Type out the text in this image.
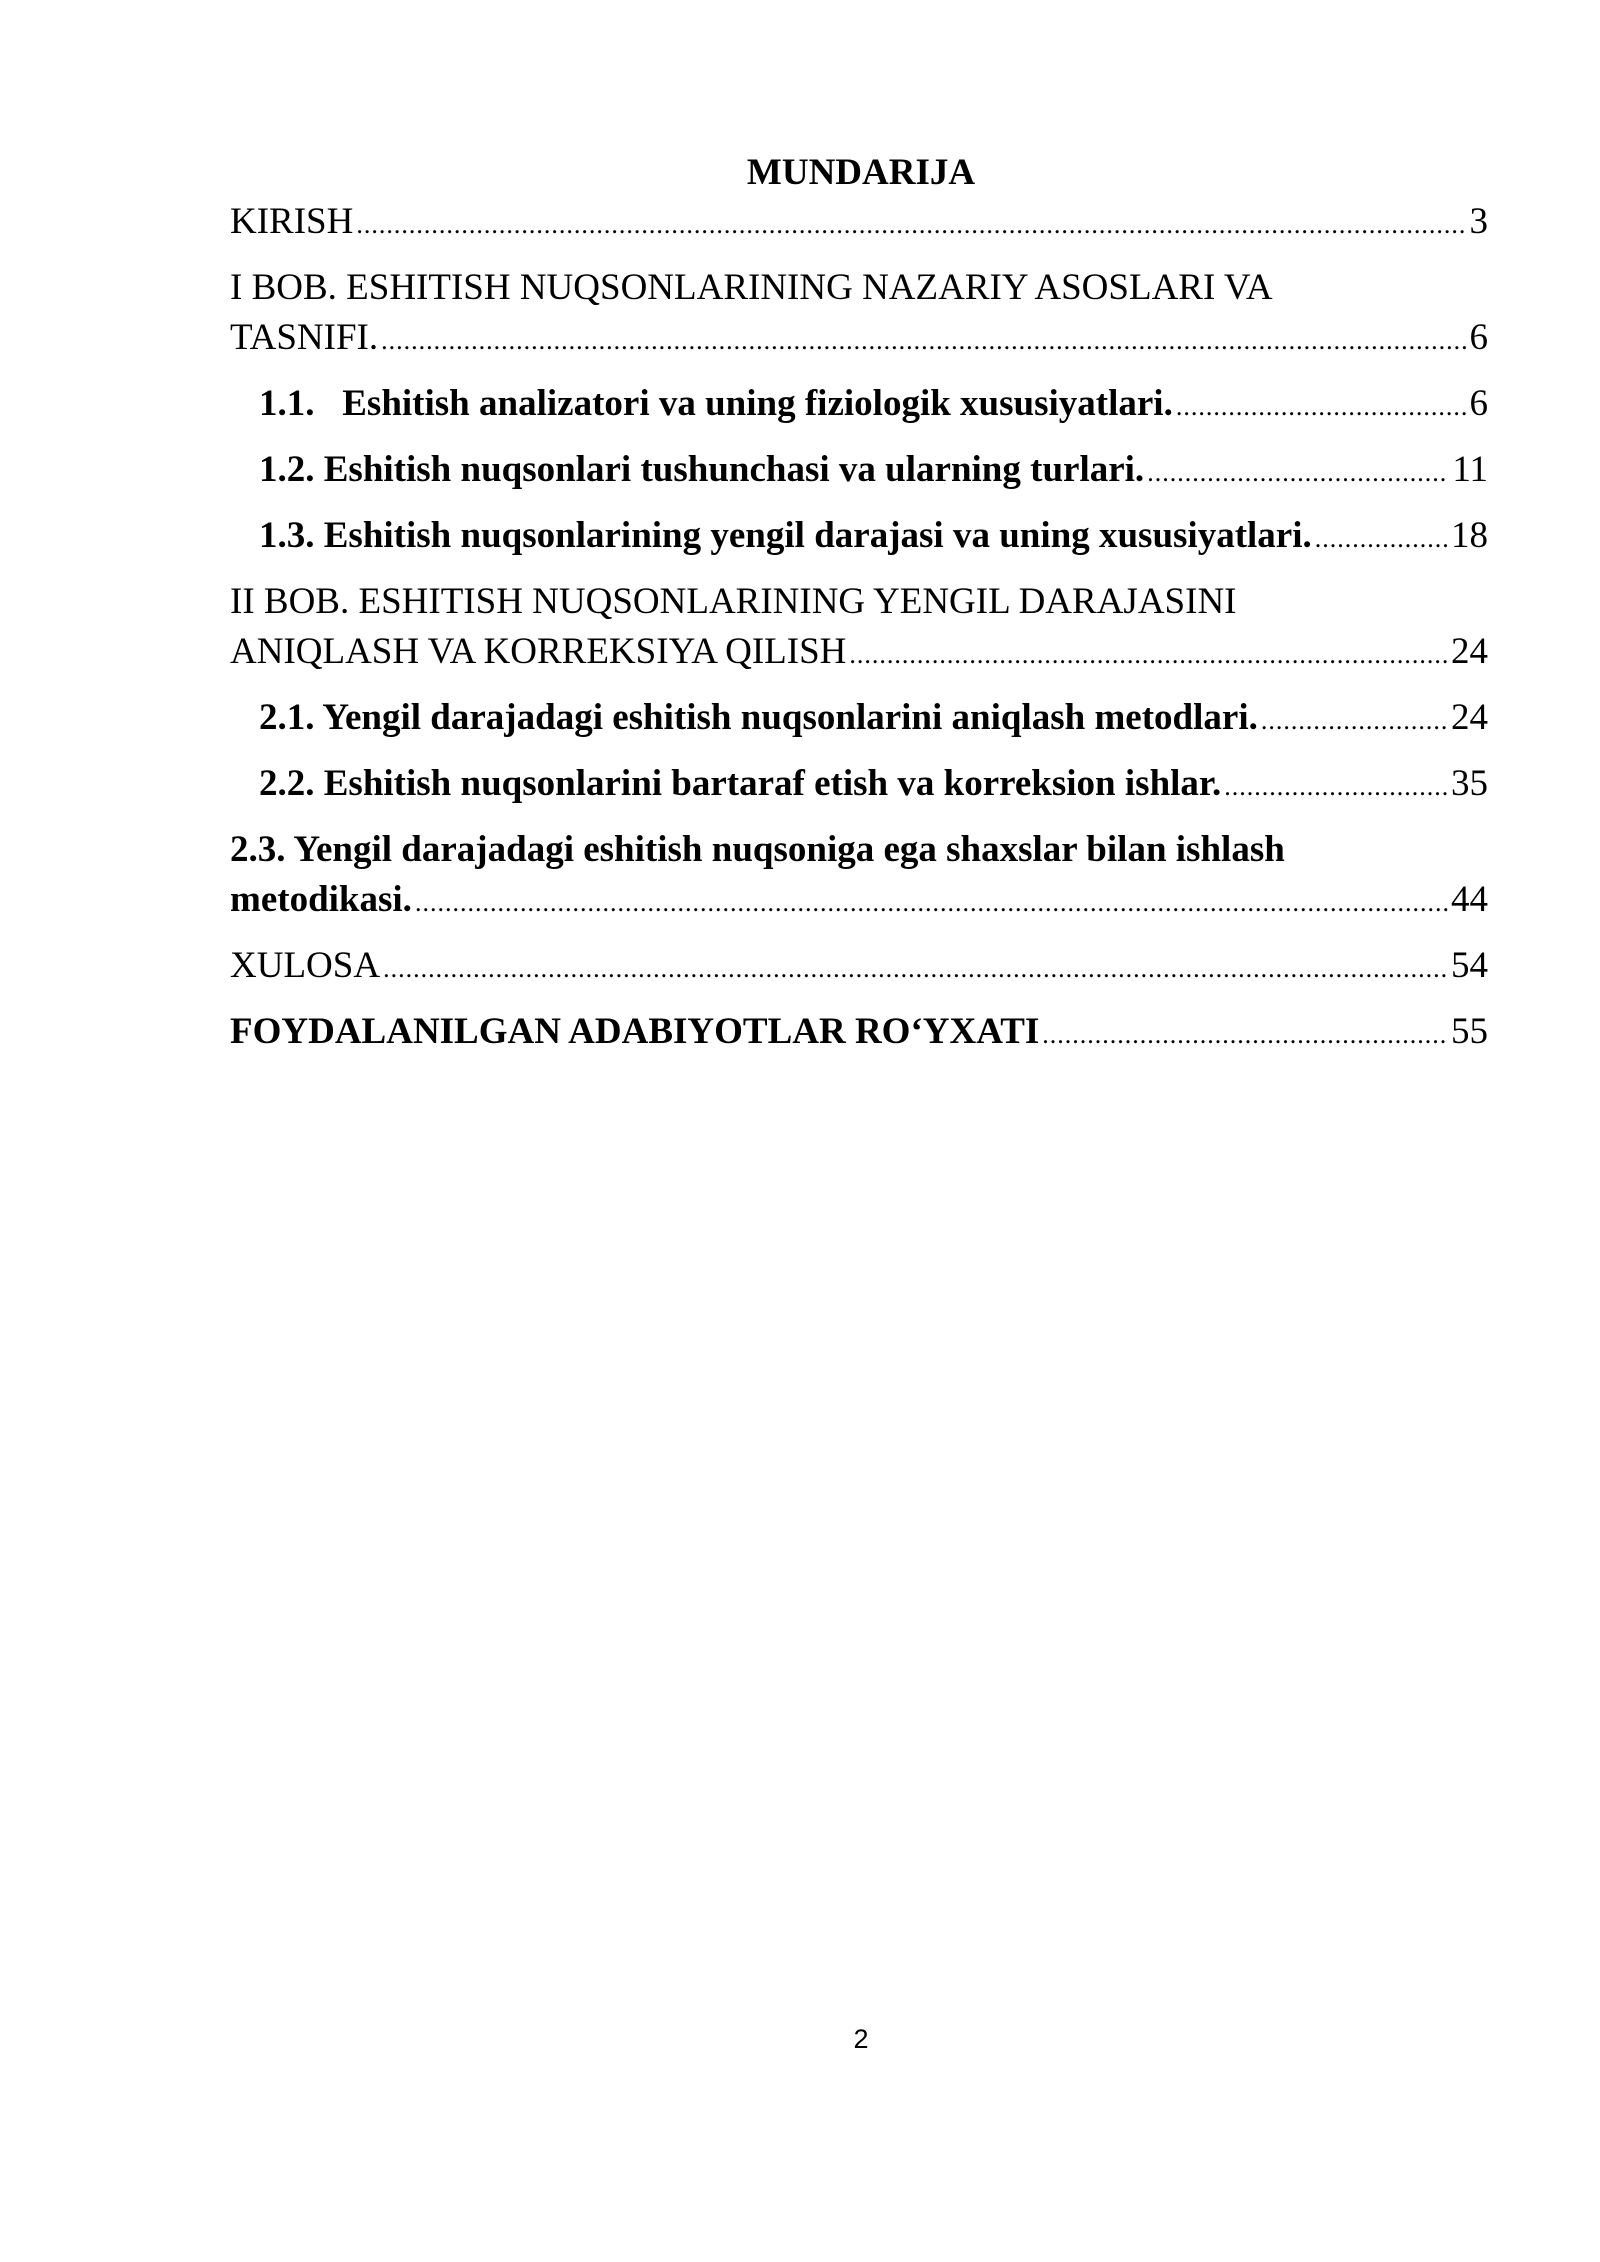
MUNDARIJA
KIRISH .....	3
I BOB. ESHITISH NUQSONLARINING NAZARIY ASOSLARI VA
TASNIFI. .....	6
1.1.   Eshitish analizatori va uning fiziologik xususiyatlari. .....	6
1.2. Eshitish nuqsonlari tushunchasi va ularning turlari. .....	11
1.3. Eshitish nuqsonlarining yengil darajasi va uning xususiyatlari. .....	18
II BOB. ESHITISH NUQSONLARINING YENGIL DARAJASINI
ANIQLASH VA KORREKSIYA QILISH .....	24
2.1. Yengil darajadagi eshitish nuqsonlarini aniqlash metodlari. .....	24
2.2. Eshitish nuqsonlarini bartaraf etish va korreksion ishlar. .....	35
2.3. Yengil darajadagi eshitish nuqsoniga ega shaxslar bilan ishlash
metodikasi. .....	44
XULOSA .....	54
FOYDALANILGAN ADABIYOTLAR RO‘YXATI .....	55
2
